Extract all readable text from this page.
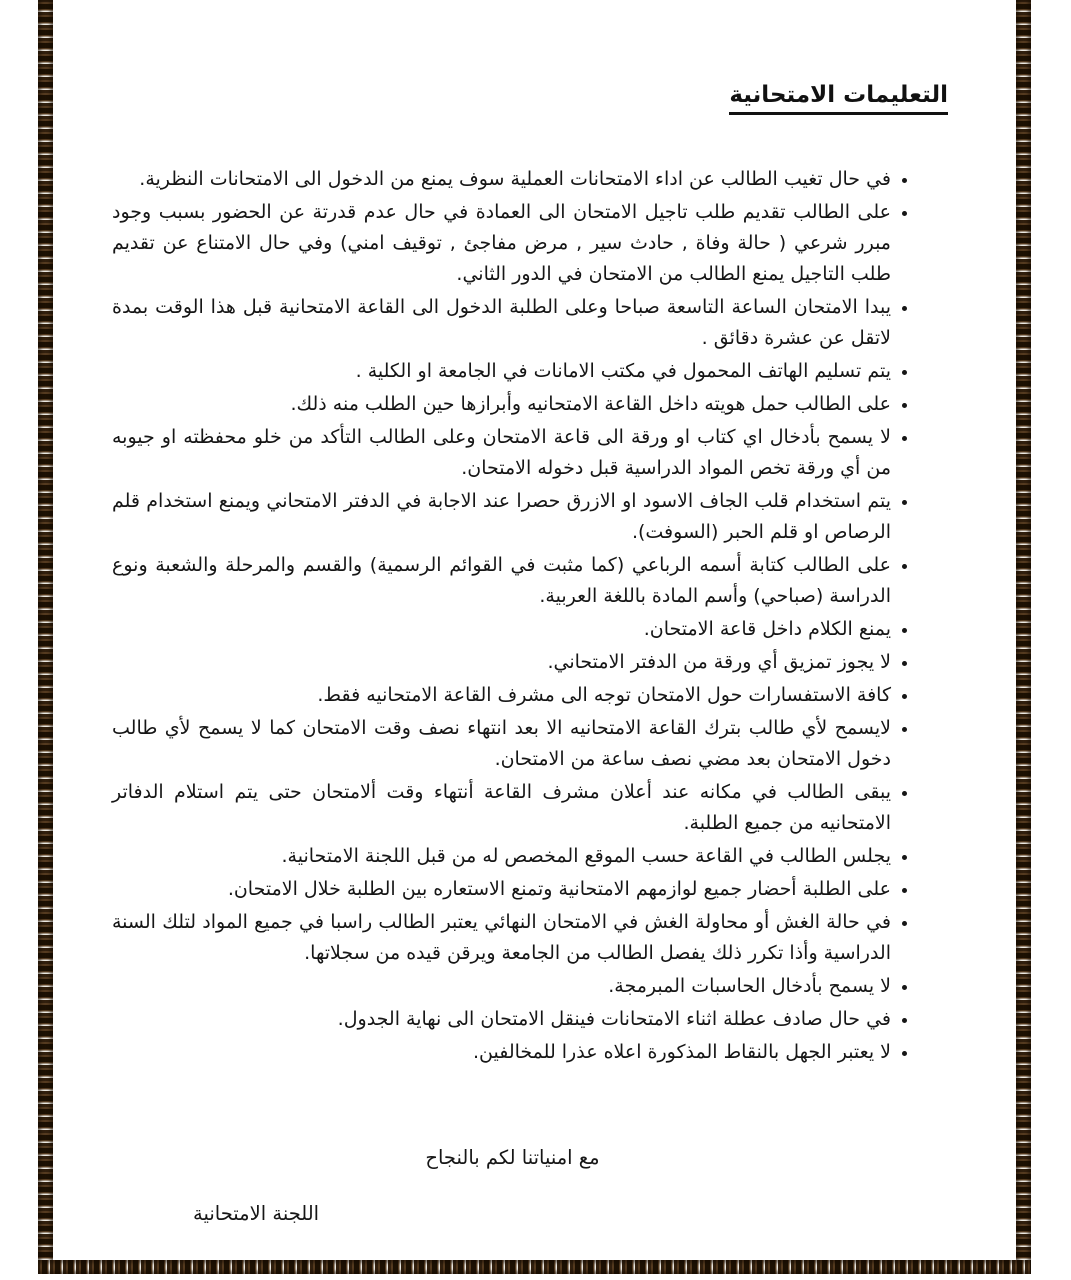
التعليمات الامتحانية
• في حال تغيب الطالب عن اداء الامتحانات العملية سوف يمنع من الدخول الى الامتحانات النظرية.
• على الطالب تقديم طلب تاجيل الامتحان الى العمادة في حال عدم قدرتة عن الحضور بسبب وجود مبرر شرعي ( حالة وفاة , حادث سير , مرض مفاجئ , توقيف امني) وفي حال الامتناع عن تقديم طلب التاجيل يمنع الطالب من الامتحان في الدور الثاني.
• يبدا الامتحان الساعة التاسعة صباحا وعلى الطلبة الدخول الى القاعة الامتحانية قبل هذا الوقت بمدة لاتقل عن عشرة دقائق .
• يتم تسليم الهاتف المحمول في مكتب الامانات في الجامعة او الكلية .
• على الطالب حمل هويته داخل القاعة الامتحانيه وأبرازها حين الطلب منه ذلك.
• لا يسمح بأدخال اي كتاب او ورقة الى قاعة الامتحان وعلى الطالب التأكد من خلو محفظته او جيوبه من أي ورقة تخص المواد الدراسية قبل دخوله الامتحان.
• يتم استخدام قلب الجاف الاسود او الازرق حصرا عند الاجابة في الدفتر الامتحاني ويمنع استخدام قلم الرصاص او قلم الحبر (السوفت).
• على الطالب كتابة أسمه الرباعي (كما مثبت في القوائم الرسمية) والقسم والمرحلة والشعبة ونوع الدراسة (صباحي) وأسم المادة باللغة العربية.
• يمنع الكلام داخل قاعة الامتحان.
• لا يجوز تمزيق أي ورقة من الدفتر الامتحاني.
• كافة الاستفسارات حول الامتحان توجه الى مشرف القاعة الامتحانيه فقط.
• لايسمح لأي طالب بترك القاعة الامتحانيه الا بعد انتهاء نصف وقت الامتحان كما لا يسمح لأي طالب دخول الامتحان بعد مضي نصف ساعة من الامتحان.
• يبقى الطالب في مكانه عند أعلان مشرف القاعة أنتهاء وقت ألامتحان حتى يتم استلام الدفاتر الامتحانيه من جميع الطلبة.
• يجلس الطالب في القاعة حسب الموقع المخصص له من قبل اللجنة الامتحانية.
• على الطلبة أحضار جميع لوازمهم الامتحانية وتمنع الاستعاره بين الطلبة خلال الامتحان.
• في حالة الغش أو محاولة الغش في الامتحان النهائي يعتبر الطالب راسبا في جميع المواد لتلك السنة الدراسية وأذا تكرر ذلك يفصل الطالب من الجامعة ويرقن قيده من سجلاتها.
• لا يسمح بأدخال الحاسبات المبرمجة.
• في حال صادف عطلة اثناء الامتحانات فينقل الامتحان الى نهاية الجدول.
• لا يعتبر الجهل بالنقاط المذكورة اعلاه عذرا للمخالفين.
مع امنياتنا لكم بالنجاح
اللجنة الامتحانية
